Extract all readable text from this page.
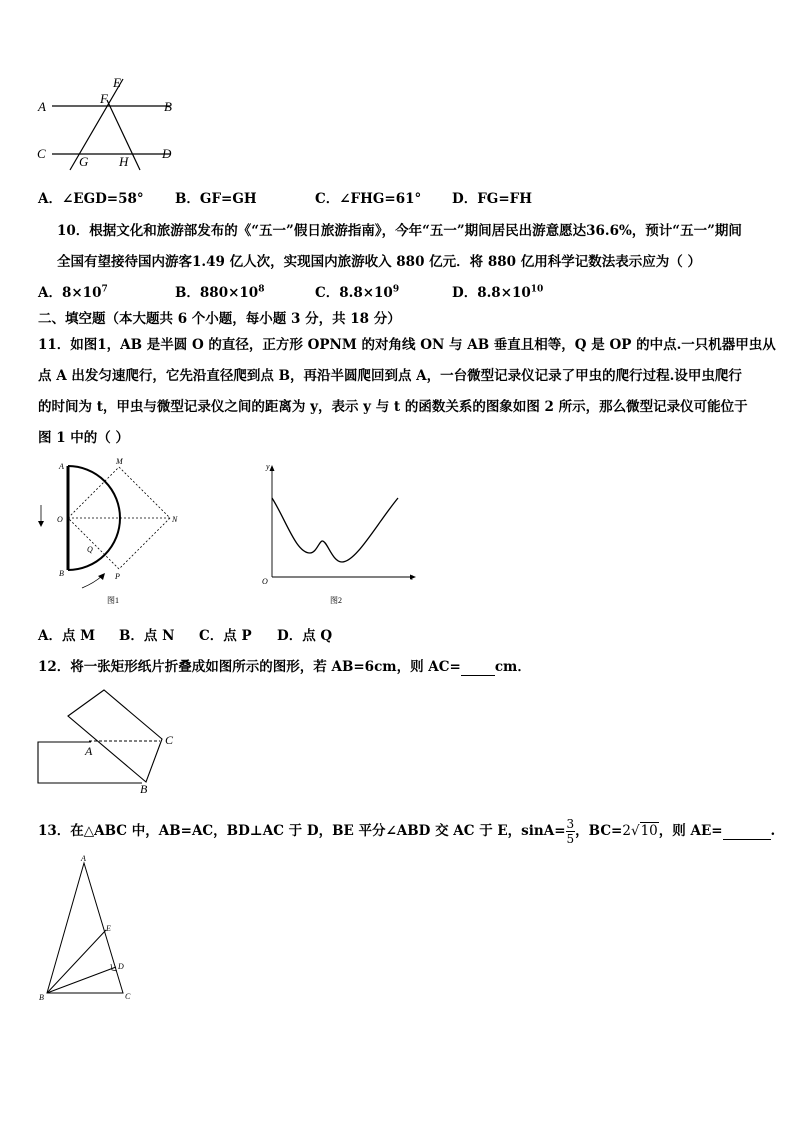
E
F
A	B
C
G H
D
A．∠EGD=58° B．GF=GH	C．∠FHG=61° D．FG=FH
10．根据文化和旅游部发布的《“五一”假日旅游指南》，今年“五一”期间居民出游意愿达36.6%，预计“五一”期间
全国有望接待国内游客1.49 亿人次，实现国内旅游收入 880 亿元．将 880 亿用科学记数法表示应为（ ）
A．$8\times 10^7$	B．$880\times 10^8$	C．$8.8\times 10^9$	D．$8.8\times 10^{10}$
二、填空题（本大题共 6 个小题，每小题 3 分，共 18 分）
11．如图1，AB 是半圆 O 的直径，正方形 OPNM 的对角线 ON 与 AB 垂直且相等，Q 是 OP 的中点.一只机器甲虫从
点 A 出发匀速爬行，它先沿直径爬到点 B，再沿半圆爬回到点 A，一台微型记录仪记录了甲虫的爬行过程.设甲虫爬行
的时间为 t，甲虫与微型记录仪之间的距离为 y，表示 y 与 t 的函数关系的图象如图 2 所示，那么微型记录仪可能位于
图 1 中的（ ）
A
M
O	N
Q
B	P
图1
y
O	t
图2
A．点 M B．点 N C．点 P D．点 Q
12．将一张矩形纸片折叠成如图所示的图形，若 AB=6cm，则 AC=	cm．
A
C
B
13．在△ABC 中，AB=AC，BD⊥AC 于 D，BE 平分∠ABD 交 AC 于 E，$\sin A= \frac{3}{5}$ ，BC=2√10，则 AE=	.
A
E
D
B	C
